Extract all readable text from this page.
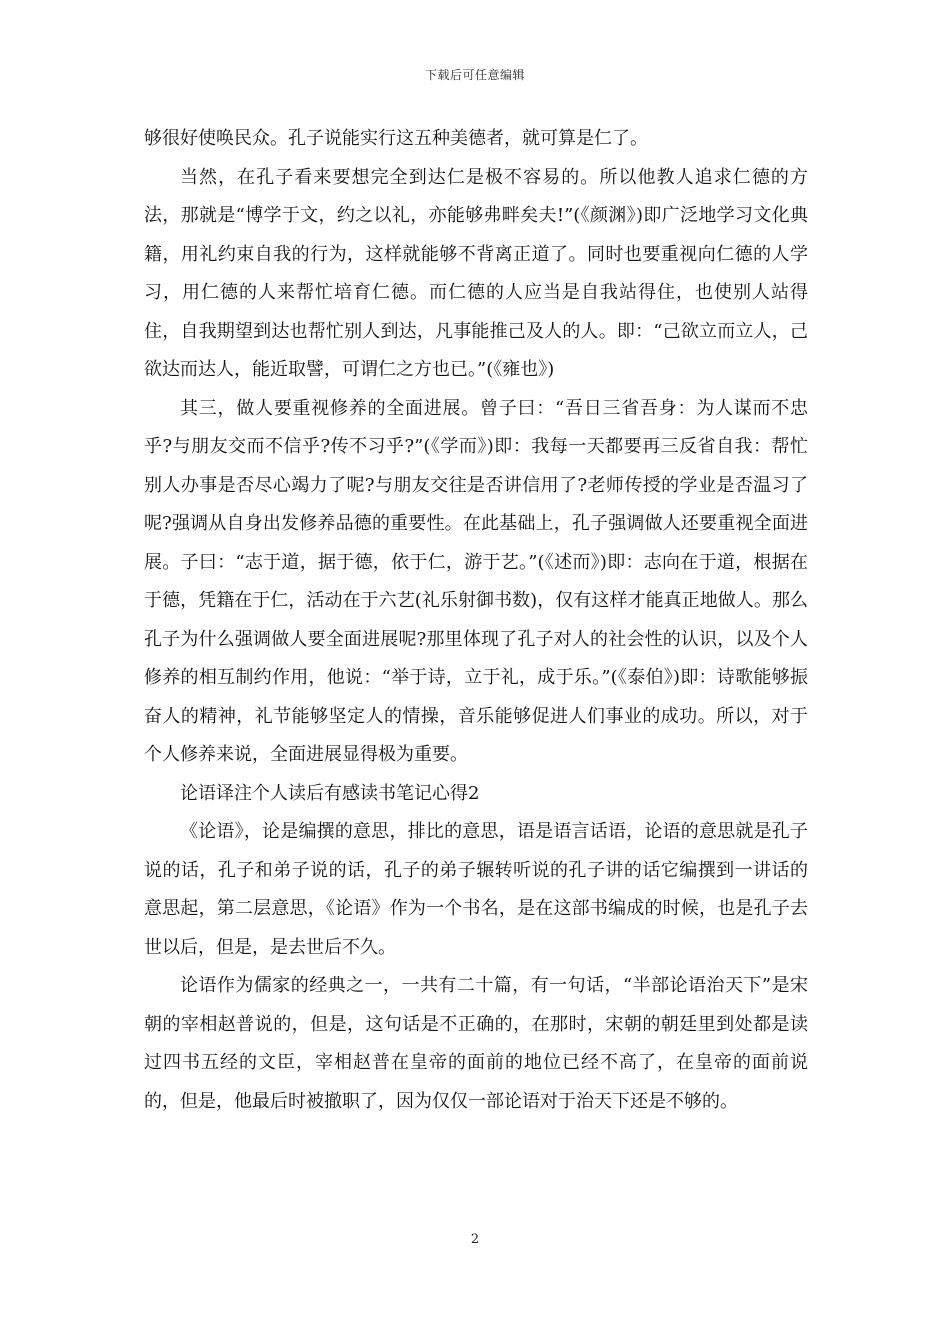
下载后可任意编辑

够很好使唤民众。孔子说能实行这五种美德者，就可算是仁了。

当然，在孔子看来要想完全到达仁是极不容易的。所以他教人追求仁德的方法，那就是“博学于文，约之以礼，亦能够弗畔矣夫!”(《颜渊》)即广泛地学习文化典籍，用礼约束自我的行为，这样就能够不背离正道了。同时也要重视向仁德的人学习，用仁德的人来帮忙培育仁德。而仁德的人应当是自我站得住，也使别人站得住，自我期望到达也帮忙别人到达，凡事能推己及人的人。即：“己欲立而立人，己欲达而达人，能近取譬，可谓仁之方也已。”(《雍也》)

其三，做人要重视修养的全面进展。曾子曰：“吾日三省吾身：为人谋而不忠乎?与朋友交而不信乎?传不习乎?”(《学而》)即：我每一天都要再三反省自我：帮忙别人办事是否尽心竭力了呢?与朋友交往是否讲信用了?老师传授的学业是否温习了呢?强调从自身出发修养品德的重要性。在此基础上，孔子强调做人还要重视全面进展。子曰：“志于道，据于德，依于仁，游于艺。”(《述而》)即：志向在于道，根据在于德，凭籍在于仁，活动在于六艺(礼乐射御书数)，仅有这样才能真正地做人。那么孔子为什么强调做人要全面进展呢?那里体现了孔子对人的社会性的认识，以及个人修养的相互制约作用，他说：“举于诗，立于礼，成于乐。”(《泰伯》)即：诗歌能够振奋人的精神，礼节能够坚定人的情操，音乐能够促进人们事业的成功。所以，对于个人修养来说，全面进展显得极为重要。

论语译注个人读后有感读书笔记心得2

《论语》，论是编撰的意思，排比的意思，语是语言话语，论语的意思就是孔子说的话，孔子和弟子说的话，孔子的弟子辗转听说的孔子讲的话它编撰到一讲话的意思起，第二层意思，《论语》作为一个书名，是在这部书编成的时候，也是孔子去世以后，但是，是去世后不久。

论语作为儒家的经典之一，一共有二十篇，有一句话，“半部论语治天下”是宋朝的宰相赵普说的，但是，这句话是不正确的，在那时，宋朝的朝廷里到处都是读过四书五经的文臣，宰相赵普在皇帝的面前的地位已经不高了，在皇帝的面前说的，但是，他最后时被撤职了，因为仅仅一部论语对于治天下还是不够的。

2
